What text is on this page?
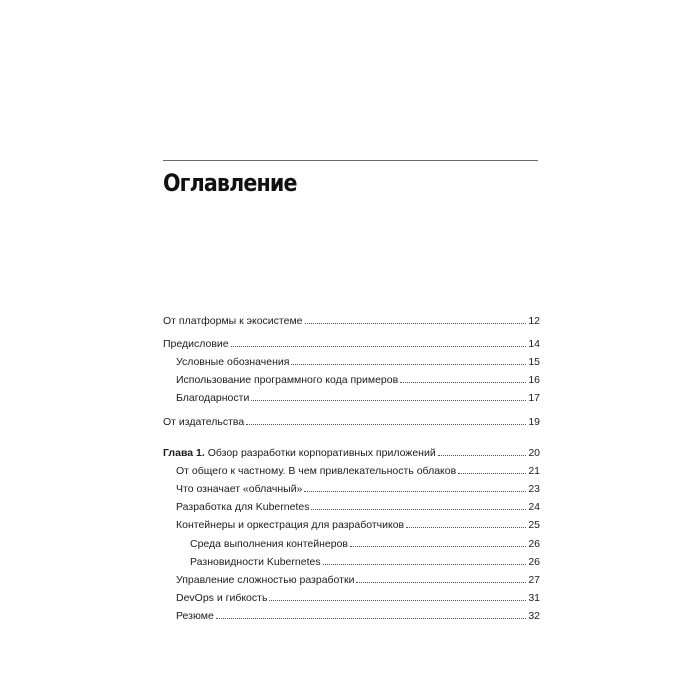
Оглавление
От платформы к экосистеме	12
Предисловие	14
Условные обозначения	15
Использование программного кода примеров	16
Благодарности	17
От издательства	19
Глава 1. Обзор разработки корпоративных приложений	20
От общего к частному. В чем привлекательность облаков	21
Что означает «облачный»	23
Разработка для Kubernetes	24
Контейнеры и оркестрация для разработчиков	25
Среда выполнения контейнеров	26
Разновидности Kubernetes	26
Управление сложностью разработки	27
DevOps и гибкость	31
Резюме	32
